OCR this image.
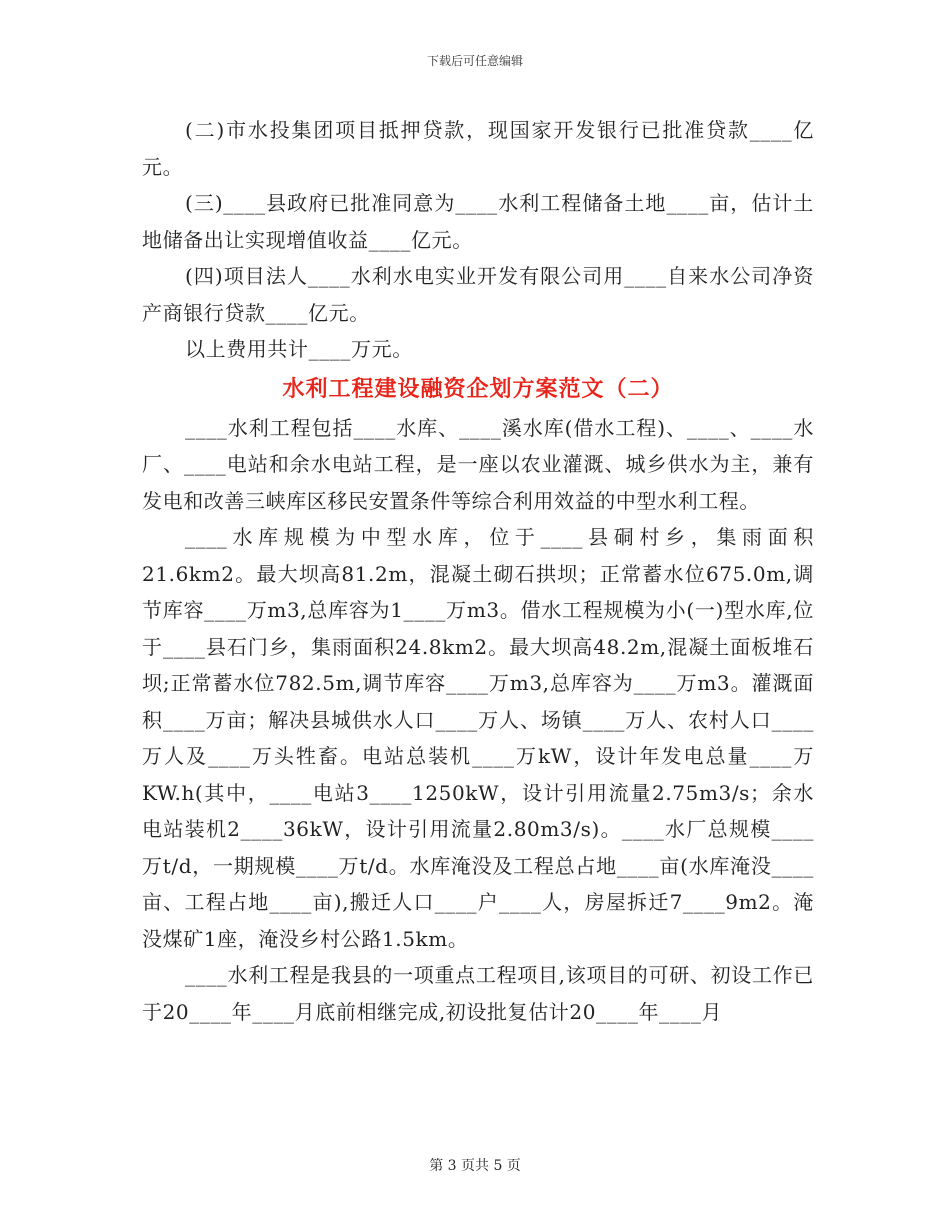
下载后可任意编辑

(二)市水投集团项目抵押贷款，现国家开发银行已批准贷款____亿元。

(三)____县政府已批准同意为____水利工程储备土地____亩，估计土地储备出让实现增值收益____亿元。

(四)项目法人____水利水电实业开发有限公司用____自来水公司净资产商银行贷款____亿元。

以上费用共计____万元。

水利工程建设融资企划方案范文（二）

____水利工程包括____水库、____溪水库(借水工程)、____、____水厂、____电站和余水电站工程，是一座以农业灌溉、城乡供水为主，兼有发电和改善三峡库区移民安置条件等综合利用效益的中型水利工程。

____水库规模为中型水库，位于____县硐村乡，集雨面积21.6km2。最大坝高81.2m，混凝土砌石拱坝；正常蓄水位675.0m,调节库容____万m3,总库容为1____万m3。借水工程规模为小(一)型水库,位于____县石门乡，集雨面积24.8km2。最大坝高48.2m,混凝土面板堆石坝;正常蓄水位782.5m,调节库容____万m3,总库容为____万m3。灌溉面积____万亩；解决县城供水人口____万人、场镇____万人、农村人口____万人及____万头牲畜。电站总装机____万kW，设计年发电总量____万KW.h(其中，____电站3____1250kW，设计引用流量2.75m3/s；余水电站装机2____36kW，设计引用流量2.80m3/s)。____水厂总规模____万t/d，一期规模____万t/d。水库淹没及工程总占地____亩(水库淹没____亩、工程占地____亩),搬迁人口____户____人，房屋拆迁7____9m2。淹没煤矿1座，淹没乡村公路1.5km。

____水利工程是我县的一项重点工程项目,该项目的可研、初设工作已于20____年____月底前相继完成,初设批复估计20____年____月

第 3 页共 5 页
